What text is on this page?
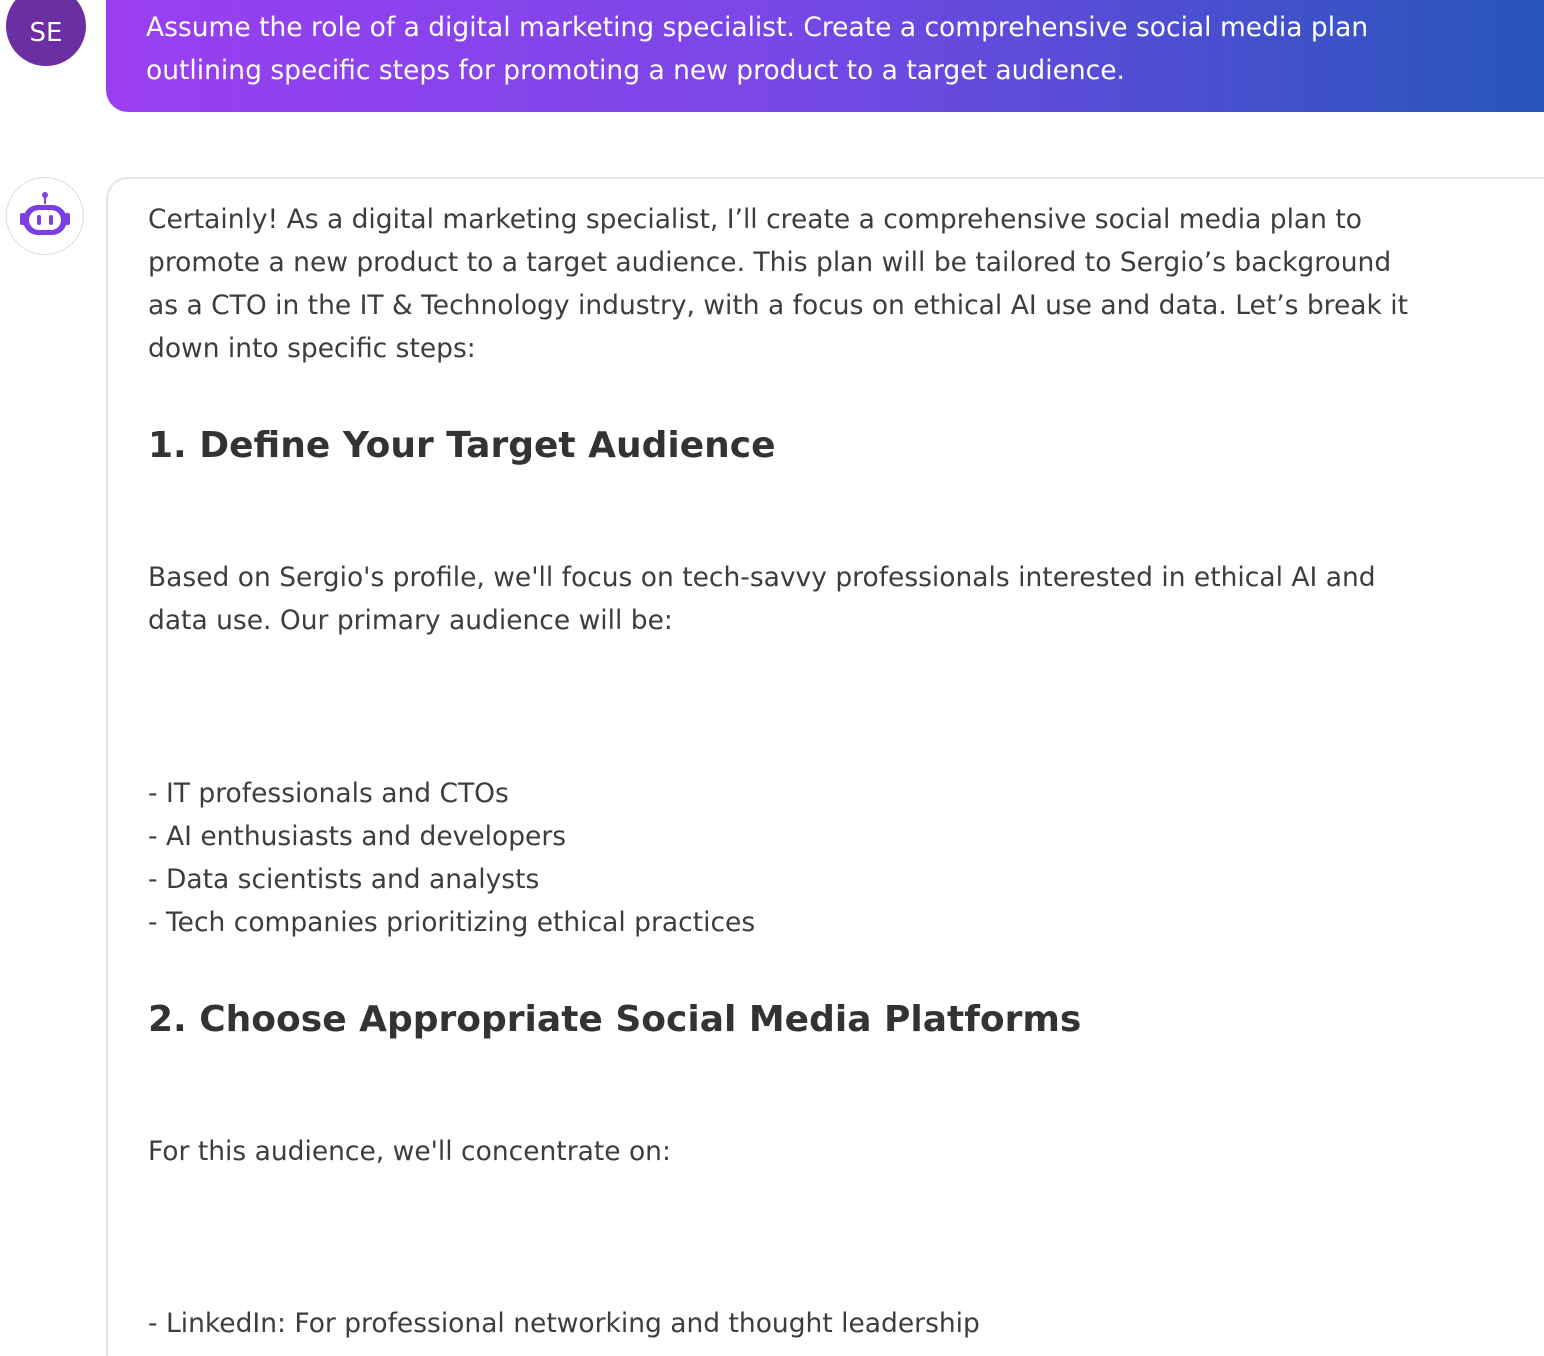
SE	Assume the role of a digital marketing specialist. Create a comprehensive social media plan
outlining specific steps for promoting a new product to a target audience.
Certainly! As a digital marketing specialist, I’ll create a comprehensive social media plan to
promote a new product to a target audience. This plan will be tailored to Sergio’s background
as a CTO in the IT & Technology industry, with a focus on ethical AI use and data. Let’s break it
down into specific steps:
1. Define Your Target Audience
Based on Sergio's profile, we'll focus on tech-savvy professionals interested in ethical AI and
data use. Our primary audience will be:
- IT professionals and CTOs
- AI enthusiasts and developers
- Data scientists and analysts
- Tech companies prioritizing ethical practices
2. Choose Appropriate Social Media Platforms
For this audience, we'll concentrate on:
- LinkedIn: For professional networking and thought leadership
